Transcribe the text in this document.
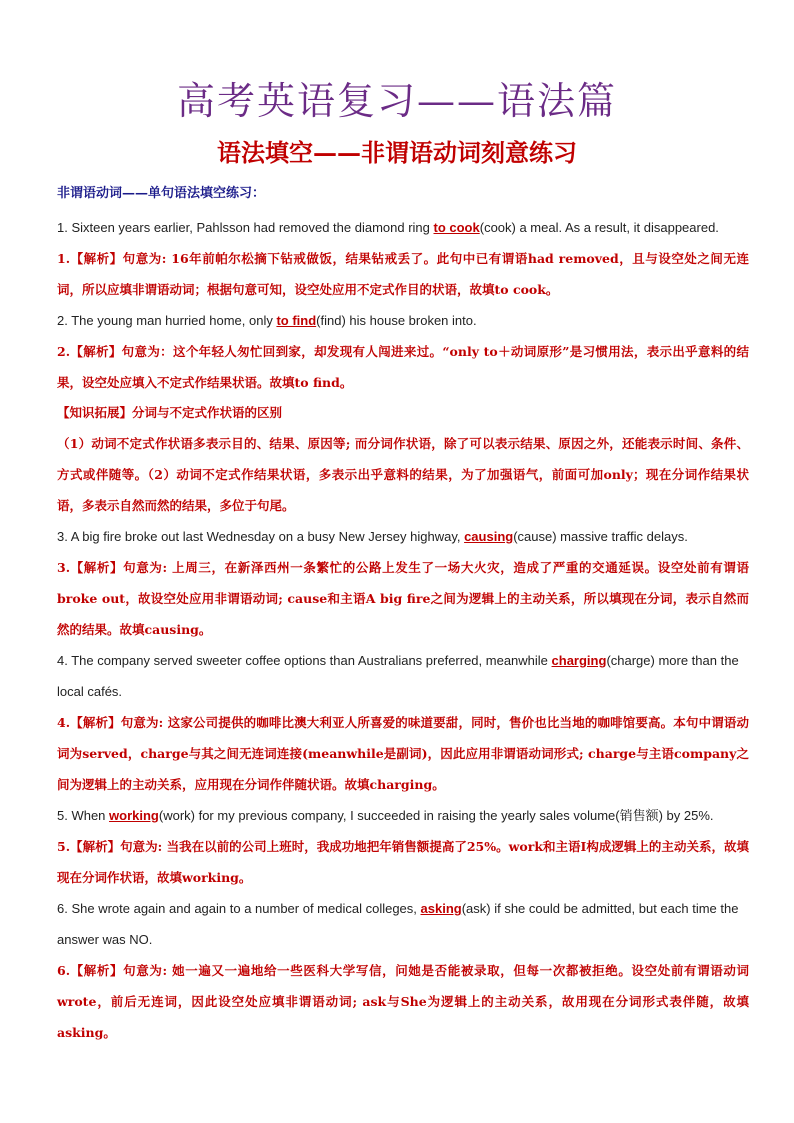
高考英语复习——语法篇
语法填空——非谓语动词刻意练习

非谓语动词——单句语法填空练习：

1. Sixteen years earlier, Pahlsson had removed the diamond ring to cook(cook) a meal. As a result, it disappeared.

1.【解析】句意为: 16年前帕尔松摘下钻戒做饭，结果钻戒丢了。此句中已有谓语had removed，且与设空处之间无连词，所以应填非谓语动词；根据句意可知，设空处应用不定式作目的状语，故填to cook。

2. The young man hurried home, only to find(find) his house broken into.

2.【解析】句意为：这个年轻人匆忙回到家，却发现有人闯进来过。“only to＋动词原形”是习惯用法，表示出乎意料的结果，设空处应填入不定式作结果状语。故填to find。

【知识拓展】分词与不定式作状语的区别

（1）动词不定式作状语多表示目的、结果、原因等; 而分词作状语，除了可以表示结果、原因之外，还能表示时间、条件、方式或伴随等。（2）动词不定式作结果状语，多表示出乎意料的结果，为了加强语气，前面可加only；现在分词作结果状语，多表示自然而然的结果，多位于句尾。

3. A big fire broke out last Wednesday on a busy New Jersey highway, causing(cause) massive traffic delays.

3.【解析】句意为: 上周三，在新泽西州一条繁忙的公路上发生了一场大火灾，造成了严重的交通延误。设空处前有谓语broke out，故设空处应用非谓语动词; cause和主语A big fire之间为逻辑上的主动关系，所以填现在分词，表示自然而然的结果。故填causing。

4. The company served sweeter coffee options than Australians preferred, meanwhile charging(charge) more than the local cafés.

4.【解析】句意为: 这家公司提供的咖啡比澳大利亚人所喜爱的味道要甜，同时，售价也比当地的咖啡馆要高。本句中谓语动词为served，charge与其之间无连词连接(meanwhile是副词)，因此应用非谓语动词形式; charge与主语company之间为逻辑上的主动关系，应用现在分词作伴随状语。故填charging。

5. When working(work) for my previous company, I succeeded in raising the yearly sales volume(销售额) by 25%.

5.【解析】句意为: 当我在以前的公司上班时，我成功地把年销售额提高了25%。work和主语I构成逻辑上的主动关系，故填现在分词作状语，故填working。

6. She wrote again and again to a number of medical colleges, asking(ask) if she could be admitted, but each time the answer was NO.

6.【解析】句意为: 她一遍又一遍地给一些医科大学写信，问她是否能被录取，但每一次都被拒绝。设空处前有谓语动词wrote，前后无连词，因此设空处应填非谓语动词; ask与She为逻辑上的主动关系，故用现在分词形式表伴随，故填asking。
